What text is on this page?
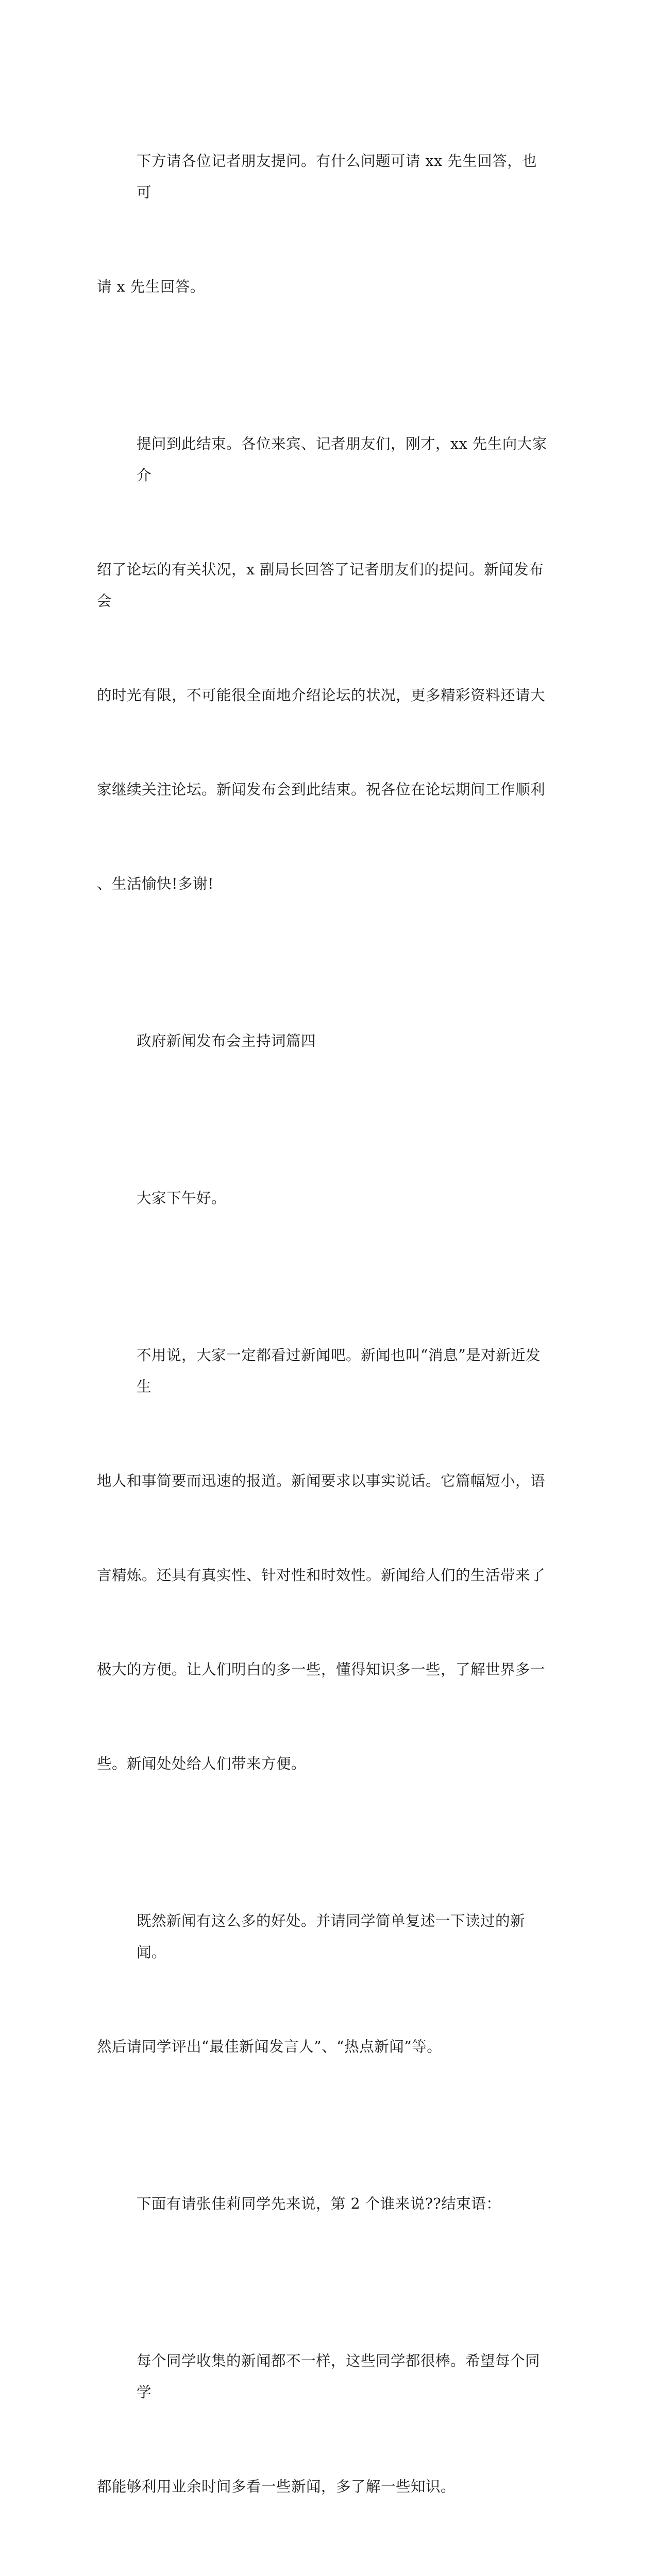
下方请各位记者朋友提问。有什么问题可请 xx 先生回答，也可

请 x 先生回答。

提问到此结束。各位来宾、记者朋友们，刚才，xx 先生向大家介

绍了论坛的有关状况，x 副局长回答了记者朋友们的提问。新闻发布会

的时光有限，不可能很全面地介绍论坛的状况，更多精彩资料还请大

家继续关注论坛。新闻发布会到此结束。祝各位在论坛期间工作顺利

、生活愉快!多谢!

政府新闻发布会主持词篇四

大家下午好。

不用说，大家一定都看过新闻吧。新闻也叫“消息”是对新近发生

地人和事简要而迅速的报道。新闻要求以事实说话。它篇幅短小，语

言精炼。还具有真实性、针对性和时效性。新闻给人们的生活带来了

极大的方便。让人们明白的多一些，懂得知识多一些，了解世界多一

些。新闻处处给人们带来方便。

既然新闻有这么多的好处。并请同学简单复述一下读过的新闻。

然后请同学评出“最佳新闻发言人”、“热点新闻”等。

下面有请张佳莉同学先来说，第 2 个谁来说??结束语：

每个同学收集的新闻都不一样，这些同学都很棒。希望每个同学

都能够利用业余时间多看一些新闻，多了解一些知识。
